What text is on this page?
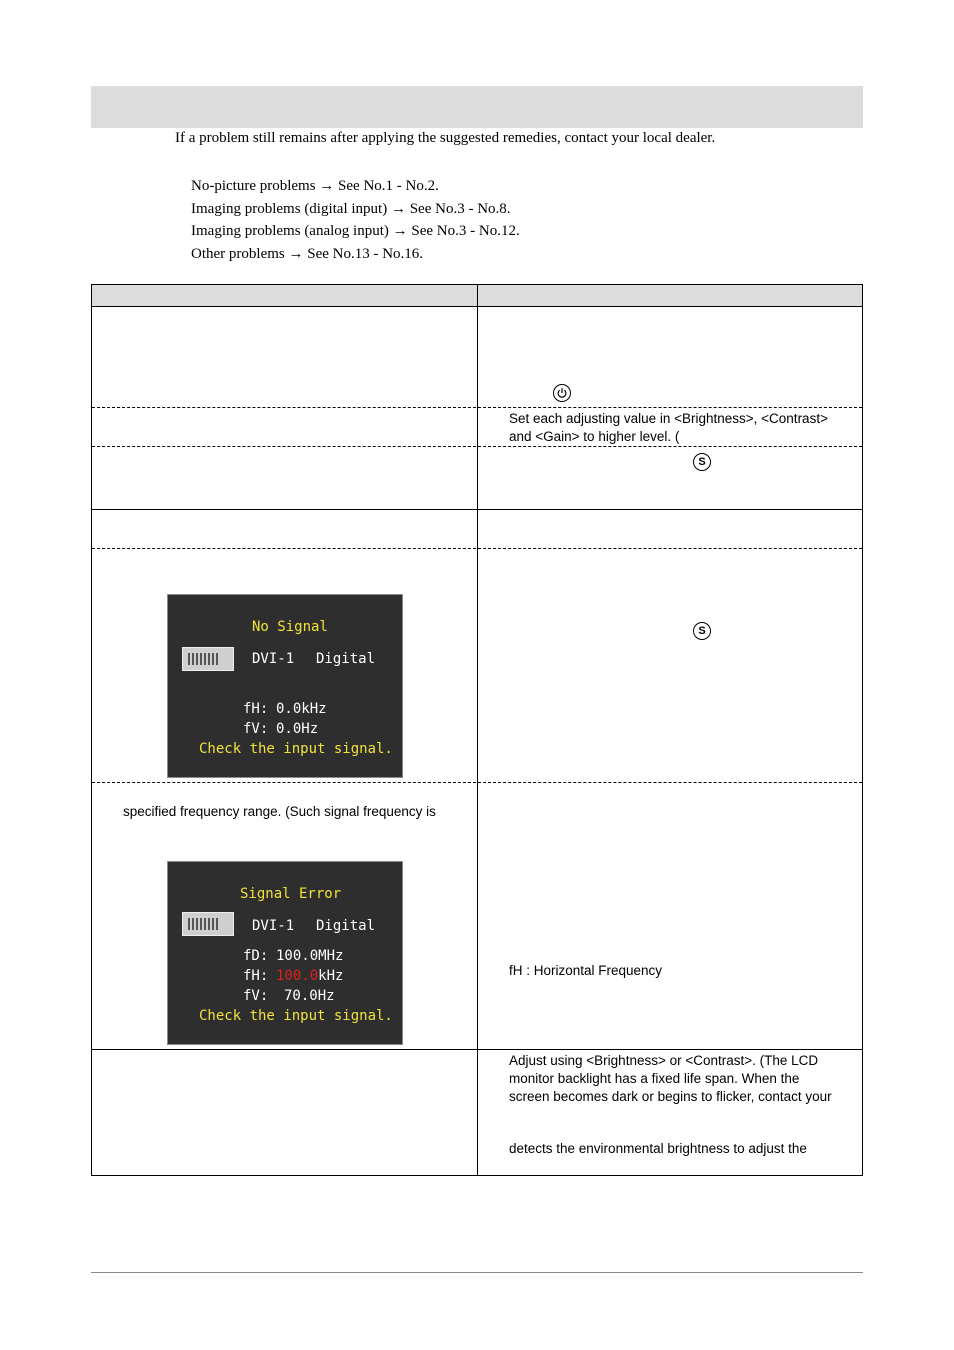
If a problem still remains after applying the suggested remedies, contact your local dealer.
No-picture problems → See No.1 - No.2.
Imaging problems (digital input) → See No.3 - No.8.
Imaging problems (analog input) → See No.3 - No.12.
Other problems → See No.13 - No.16.
Set each adjusting value in <Brightness>, <Contrast>
and <Gain> to higher level. (
S
S
No Signal
DVI-1 Digital
fH: 0.0kHz
fV: 0.0Hz
Check the input signal.
specified frequency range. (Such signal frequency is
Signal Error
DVI-1 Digital
fD: 100.0MHz
fH: 100.0kHz
fV: 70.0Hz
Check the input signal.
fH : Horizontal Frequency
Adjust using <Brightness> or <Contrast>. (The LCD
monitor backlight has a fixed life span. When the
screen becomes dark or begins to flicker, contact your
detects the environmental brightness to adjust the
